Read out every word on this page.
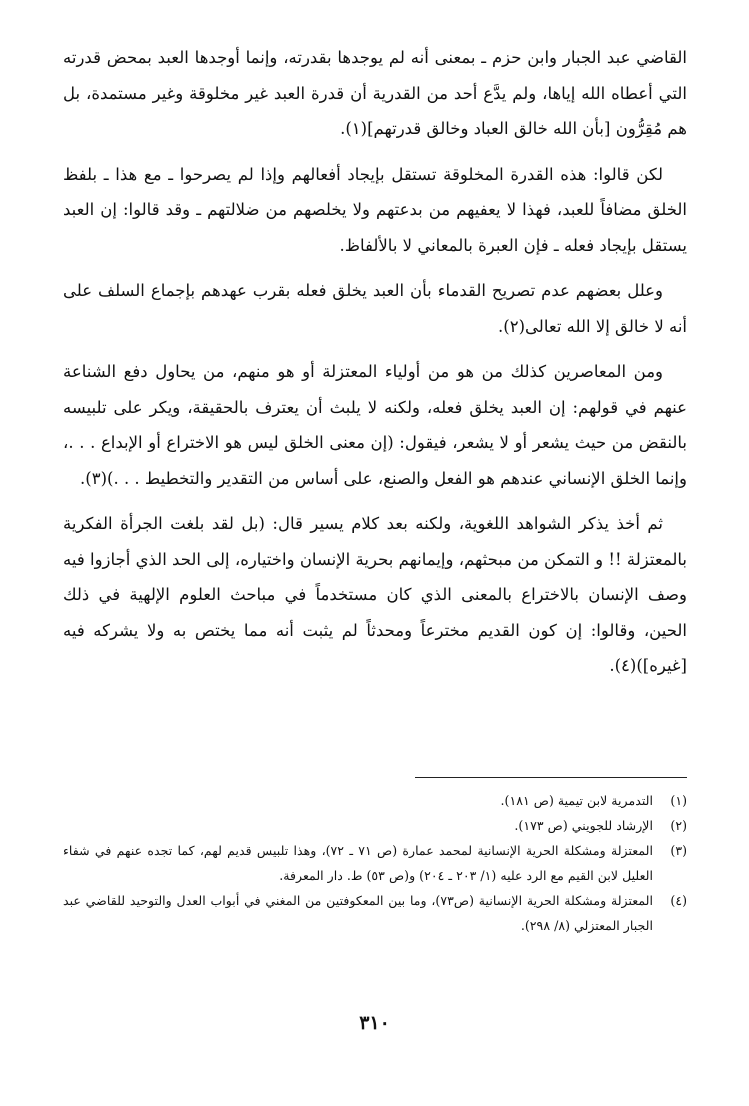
القاضي عبد الجبار وابن حزم ـ بمعنى أنه لم يوجدها بقدرته، وإنما أوجدها العبد بمحض قدرته التي أعطاه الله إياها، ولم يدَّع أحد من القدرية أن قدرة العبد غير مخلوقة وغير مستمدة، بل هم مُقِرُّون [بأن الله خالق العباد وخالق قدرتهم](١).

لكن قالوا: هذه القدرة المخلوقة تستقل بإيجاد أفعالهم وإذا لم يصرحوا ـ مع هذا ـ بلفظ الخلق مضافاً للعبد، فهذا لا يعفيهم من بدعتهم ولا يخلصهم من ضلالتهم ـ وقد قالوا: إن العبد يستقل بإيجاد فعله ـ فإن العبرة بالمعاني لا بالألفاظ.

وعلل بعضهم عدم تصريح القدماء بأن العبد يخلق فعله بقرب عهدهم بإجماع السلف على أنه لا خالق إلا الله تعالى(٢).

ومن المعاصرين كذلك من هو من أولياء المعتزلة أو هو منهم، من يحاول دفع الشناعة عنهم في قولهم: إن العبد يخلق فعله، ولكنه لا يلبث أن يعترف بالحقيقة، ويكر على تلبيسه بالنقض من حيث يشعر أو لا يشعر، فيقول: (إن معنى الخلق ليس هو الاختراع أو الإبداع . . .، وإنما الخلق الإنساني عندهم هو الفعل والصنع، على أساس من التقدير والتخطيط . . .)(٣).

ثم أخذ يذكر الشواهد اللغوية، ولكنه بعد كلام يسير قال: (بل لقد بلغت الجرأة الفكرية بالمعتزلة !! و التمكن من مبحثهم، وإيمانهم بحرية الإنسان واختياره، إلى الحد الذي أجازوا فيه وصف الإنسان بالاختراع بالمعنى الذي كان مستخدماً في مباحث العلوم الإلهية في ذلك الحين، وقالوا: إن كون القديم مخترعاً ومحدثاً لم يثبت أنه مما يختص به ولا يشركه فيه [غيره])(٤).

(١)
التدمرية لابن تيمية (ص ١٨١).
(٢)
الإرشاد للجويني (ص ١٧٣).
(٣)
المعتزلة ومشكلة الحرية الإنسانية لمحمد عمارة (ص ٧١ ـ ٧٢)، وهذا تلبيس قديم لهم، كما تجده عنهم في شفاء العليل لابن القيم مع الرد عليه (١/ ٢٠٣ ـ ٢٠٤) و(ص ٥٣) ط. دار المعرفة.
(٤)
المعتزلة ومشكلة الحرية الإنسانية (ص٧٣)، وما بين المعكوفتين من المغني في أبواب العدل والتوحيد للقاضي عبد الجبار المعتزلي (٨/ ٢٩٨).
٣١٠
